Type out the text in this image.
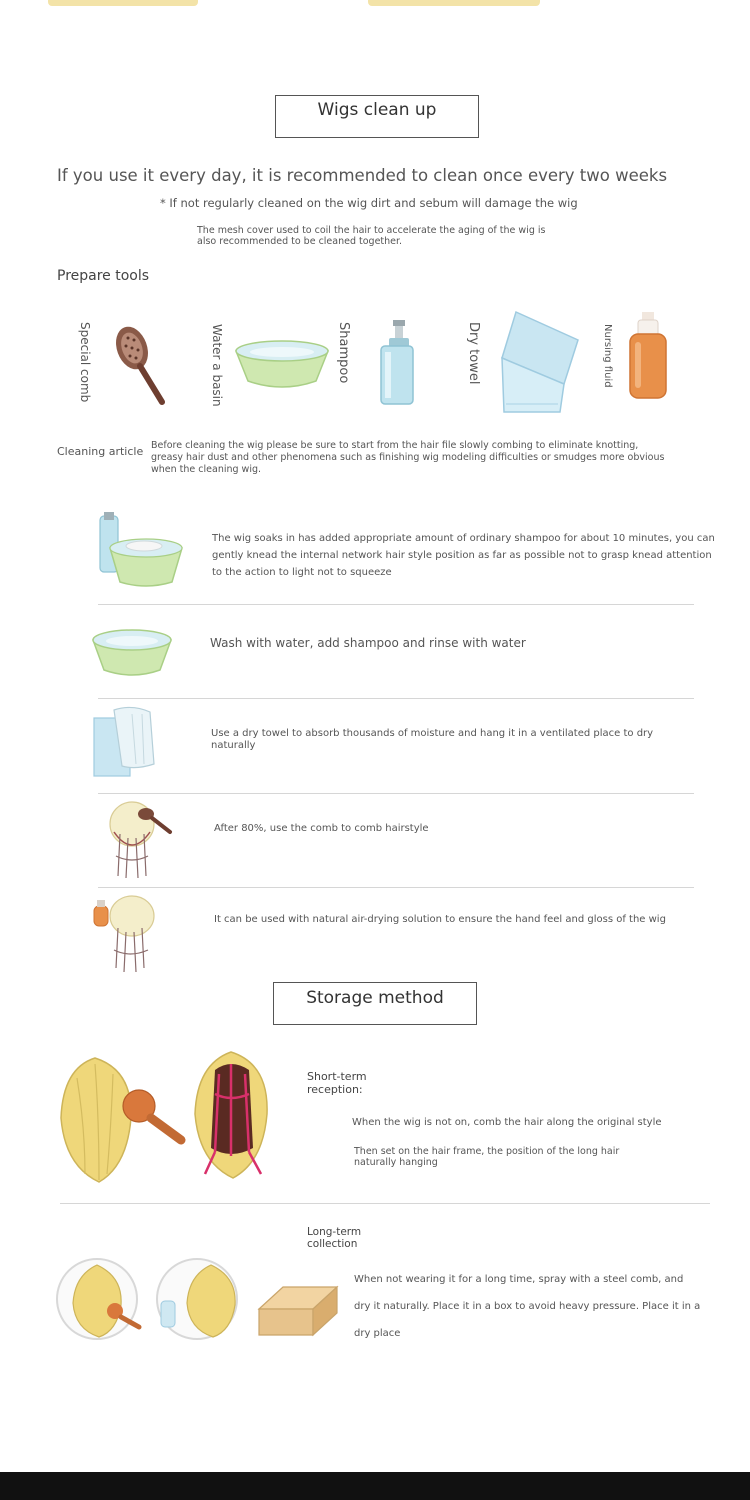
Wigs clean up
If you use it every day, it is recommended to clean once every two weeks
* If not regularly cleaned on the wig dirt and sebum will damage the wig
The mesh cover used to coil the hair to accelerate the aging of the wig is
also recommended to be cleaned together.
Prepare tools
Special comb	Water a basin	Shampoo	Dry towel	Nursing fluid
Cleaning article Before cleaning the wig please be sure to start from the hair file slowly combing to eliminate knotting,
greasy hair dust and other phenomena such as finishing wig modeling difficulties or smudges more obvious
when the cleaning wig.
The wig soaks in has added appropriate amount of ordinary shampoo for about 10 minutes, you can
gently knead the internal network hair style position as far as possible not to grasp knead attention
to the action to light not to squeeze
Wash with water, add shampoo and rinse with water
Use a dry towel to absorb thousands of moisture and hang it in a ventilated place to dry
naturally
After 80%, use the comb to comb hairstyle
It can be used with natural air-drying solution to ensure the hand feel and gloss of the wig
Storage method
Short-term
reception:
When the wig is not on, comb the hair along the original style
Then set on the hair frame, the position of the long hair
naturally hanging
Long-term
collection
When not wearing it for a long time, spray with a steel comb, and
dry it naturally. Place it in a box to avoid heavy pressure. Place it in a
dry place
